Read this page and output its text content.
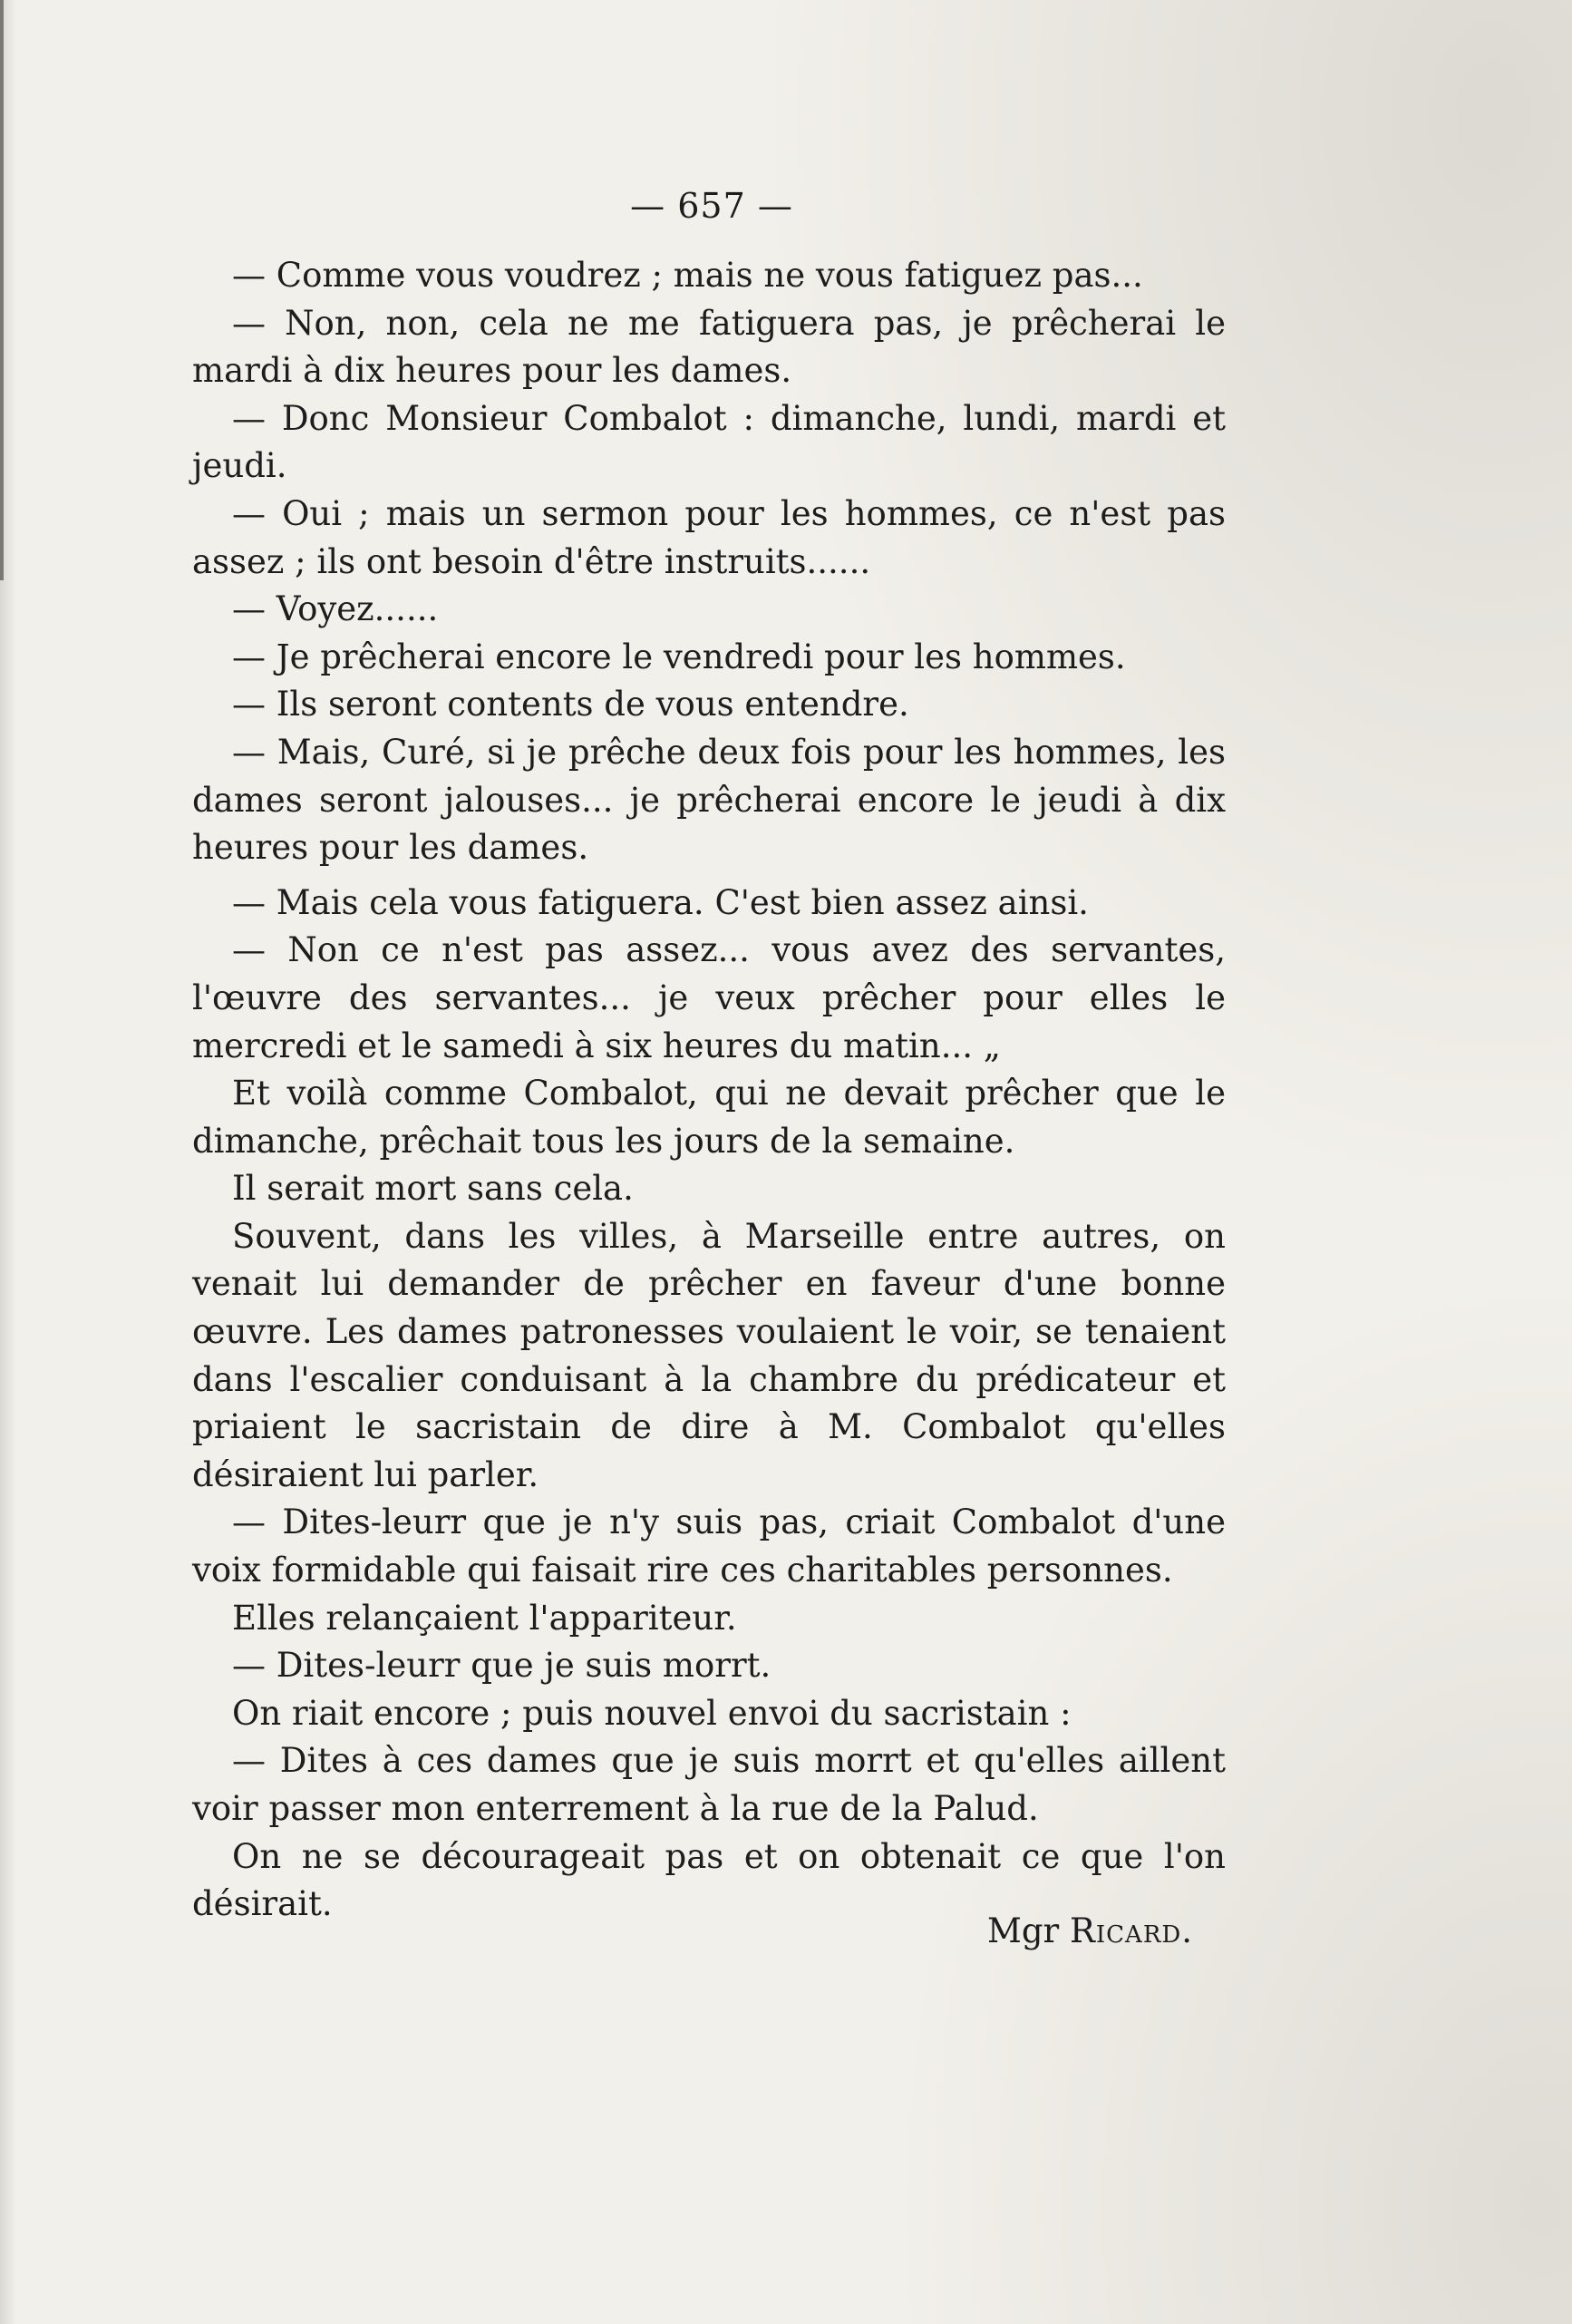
— 657 —

— Comme vous voudrez ; mais ne vous fatiguez pas...

— Non, non, cela ne me fatiguera pas, je prêcherai le mardi à dix heures pour les dames.

— Donc Monsieur Combalot : dimanche, lundi, mardi et jeudi.

— Oui ; mais un sermon pour les hommes, ce n'est pas assez ; ils ont besoin d'être instruits......

— Voyez......

— Je prêcherai encore le vendredi pour les hommes.

— Ils seront contents de vous entendre.

— Mais, Curé, si je prêche deux fois pour les hommes, les dames seront jalouses... je prêcherai encore le jeudi à dix heures pour les dames.

— Mais cela vous fatiguera. C'est bien assez ainsi.

— Non ce n'est pas assez... vous avez des servantes, l'œuvre des servantes... je veux prêcher pour elles le mercredi et le samedi à six heures du matin... „

Et voilà comme Combalot, qui ne devait prêcher que le dimanche, prêchait tous les jours de la semaine.

Il serait mort sans cela.

Souvent, dans les villes, à Marseille entre autres, on venait lui demander de prêcher en faveur d'une bonne œuvre. Les dames patronesses voulaient le voir, se tenaient dans l'escalier conduisant à la chambre du prédicateur et priaient le sacristain de dire à M. Combalot qu'elles désiraient lui parler.

— Dites-leurr que je n'y suis pas, criait Combalot d'une voix formidable qui faisait rire ces charitables personnes.

Elles relançaient l'appariteur.

— Dites-leurr que je suis morrt.

On riait encore ; puis nouvel envoi du sacristain :

— Dites à ces dames que je suis morrt et qu'elles aillent voir passer mon enterrement à la rue de la Palud.

On ne se décourageait pas et on obtenait ce que l'on désirait.

Mgr Ricard.
